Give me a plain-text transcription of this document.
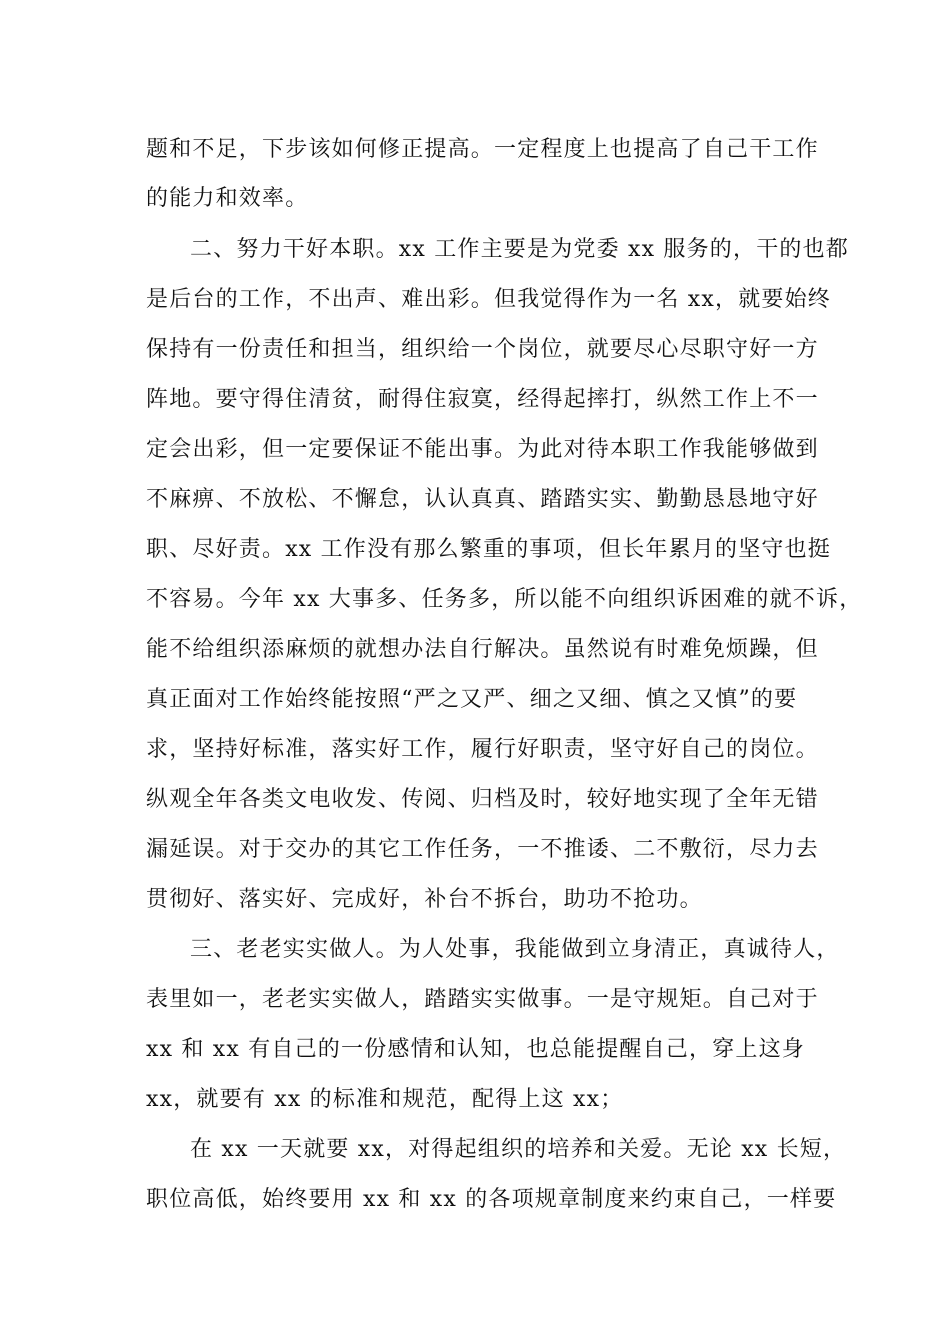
题和不足，下步该如何修正提高。一定程度上也提高了自己干工作
的能力和效率。
二、努力干好本职。xx 工作主要是为党委 xx 服务的，干的也都
是后台的工作，不出声、难出彩。但我觉得作为一名 xx，就要始终
保持有一份责任和担当，组织给一个岗位，就要尽心尽职守好一方
阵地。要守得住清贫，耐得住寂寞，经得起摔打，纵然工作上不一
定会出彩，但一定要保证不能出事。为此对待本职工作我能够做到
不麻痹、不放松、不懈怠，认认真真、踏踏实实、勤勤恳恳地守好
职、尽好责。xx 工作没有那么繁重的事项，但长年累月的坚守也挺
不容易。今年 xx 大事多、任务多，所以能不向组织诉困难的就不诉，
能不给组织添麻烦的就想办法自行解决。虽然说有时难免烦躁，但
真正面对工作始终能按照“严之又严、细之又细、慎之又慎”的要
求，坚持好标准，落实好工作，履行好职责，坚守好自己的岗位。
纵观全年各类文电收发、传阅、归档及时，较好地实现了全年无错
漏延误。对于交办的其它工作任务，一不推诿、二不敷衍，尽力去
贯彻好、落实好、完成好，补台不拆台，助功不抢功。
三、老老实实做人。为人处事，我能做到立身清正，真诚待人，
表里如一，老老实实做人，踏踏实实做事。一是守规矩。自己对于
xx 和 xx 有自己的一份感情和认知，也总能提醒自己，穿上这身
xx，就要有 xx 的标准和规范，配得上这 xx；
在 xx 一天就要 xx，对得起组织的培养和关爱。无论 xx 长短，
职位高低，始终要用 xx 和 xx 的各项规章制度来约束自己，一样要
